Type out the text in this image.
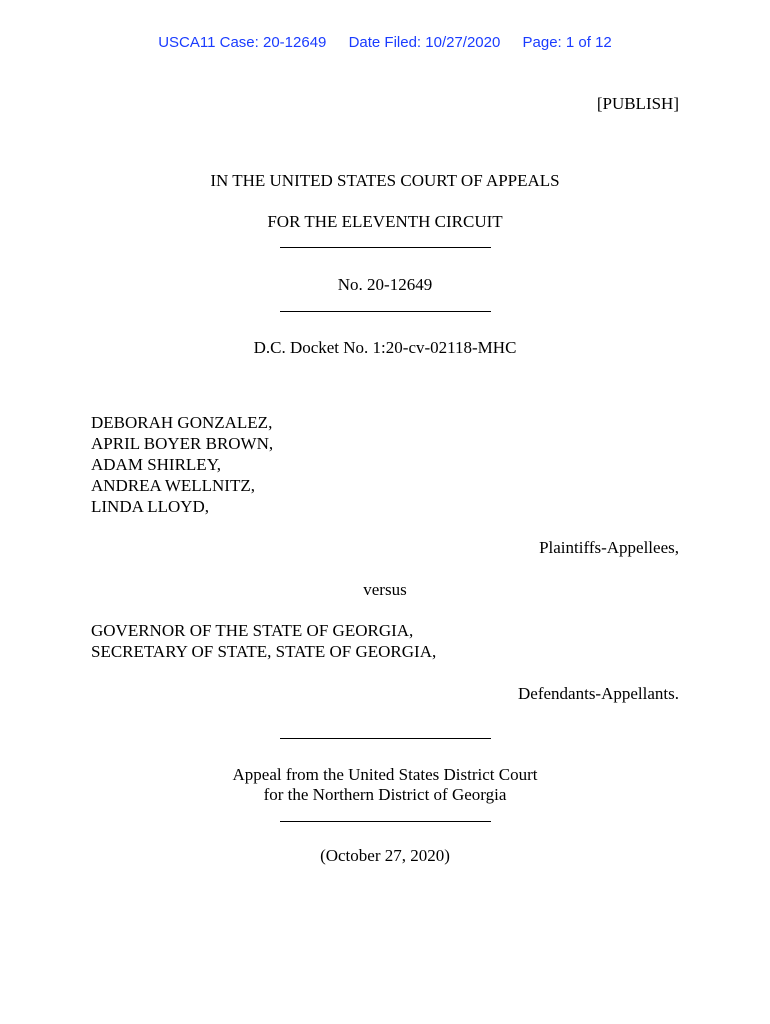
USCA11 Case: 20-12649 Date Filed: 10/27/2020 Page: 1 of 12
[PUBLISH]
IN THE UNITED STATES COURT OF APPEALS
FOR THE ELEVENTH CIRCUIT
No. 20-12649
D.C. Docket No. 1:20-cv-02118-MHC
DEBORAH GONZALEZ,
APRIL BOYER BROWN,
ADAM SHIRLEY,
ANDREA WELLNITZ,
LINDA LLOYD,
Plaintiffs-Appellees,
versus
GOVERNOR OF THE STATE OF GEORGIA,
SECRETARY OF STATE, STATE OF GEORGIA,
Defendants-Appellants.
Appeal from the United States District Court
for the Northern District of Georgia
(October 27, 2020)
